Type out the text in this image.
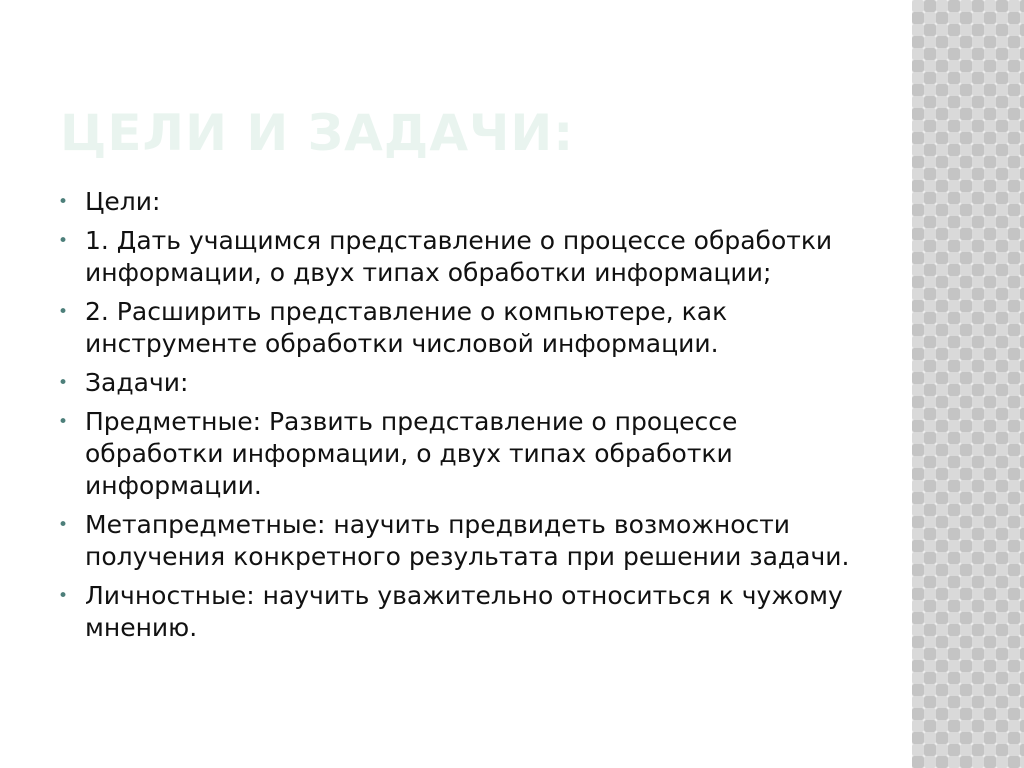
ЦЕЛИ И ЗАДАЧИ:
• Цели:
• 1. Дать учащимся представление о процессе обработки информации, о двух типах обработки информации;
• 2. Расширить представление о компьютере, как инструменте обработки числовой информации.
• Задачи:
• Предметные: Развить представление о процессе обработки информации, о двух типах обработки информации.
• Метапредметные: научить предвидеть возможности получения конкретного результата при решении задачи.
• Личностные: научить уважительно относиться к чужому мнению.
